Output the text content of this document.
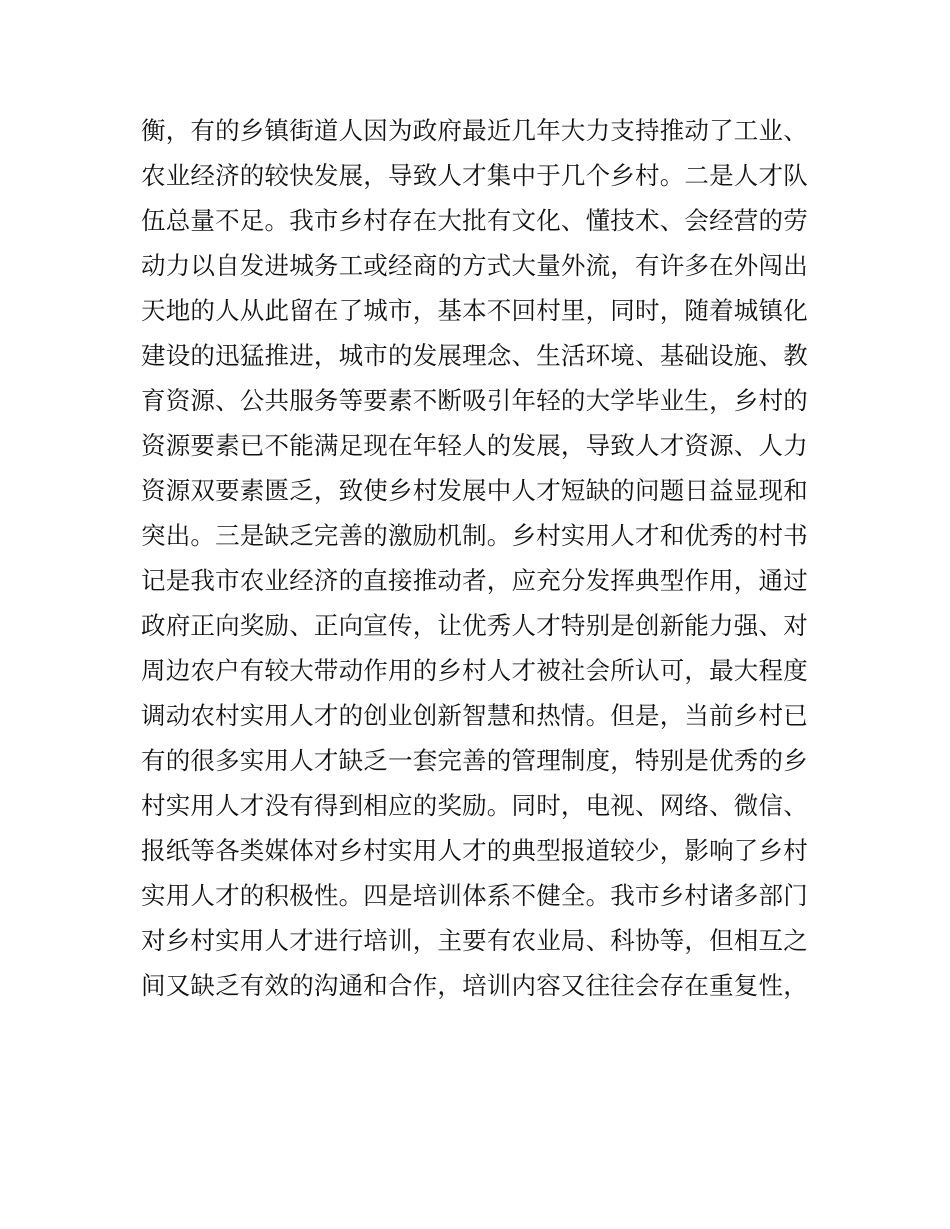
衡，有的乡镇街道人因为政府最近几年大力支持推动了工业、
农业经济的较快发展，导致人才集中于几个乡村。二是人才队
伍总量不足。我市乡村存在大批有文化、懂技术、会经营的劳
动力以自发进城务工或经商的方式大量外流，有许多在外闯出
天地的人从此留在了城市，基本不回村里，同时，随着城镇化
建设的迅猛推进，城市的发展理念、生活环境、基础设施、教
育资源、公共服务等要素不断吸引年轻的大学毕业生，乡村的
资源要素已不能满足现在年轻人的发展，导致人才资源、人力
资源双要素匮乏，致使乡村发展中人才短缺的问题日益显现和
突出。三是缺乏完善的激励机制。乡村实用人才和优秀的村书
记是我市农业经济的直接推动者，应充分发挥典型作用，通过
政府正向奖励、正向宣传，让优秀人才特别是创新能力强、对
周边农户有较大带动作用的乡村人才被社会所认可，最大程度
调动农村实用人才的创业创新智慧和热情。但是，当前乡村已
有的很多实用人才缺乏一套完善的管理制度，特别是优秀的乡
村实用人才没有得到相应的奖励。同时，电视、网络、微信、
报纸等各类媒体对乡村实用人才的典型报道较少，影响了乡村
实用人才的积极性。四是培训体系不健全。我市乡村诸多部门
对乡村实用人才进行培训，主要有农业局、科协等，但相互之
间又缺乏有效的沟通和合作，培训内容又往往会存在重复性，
